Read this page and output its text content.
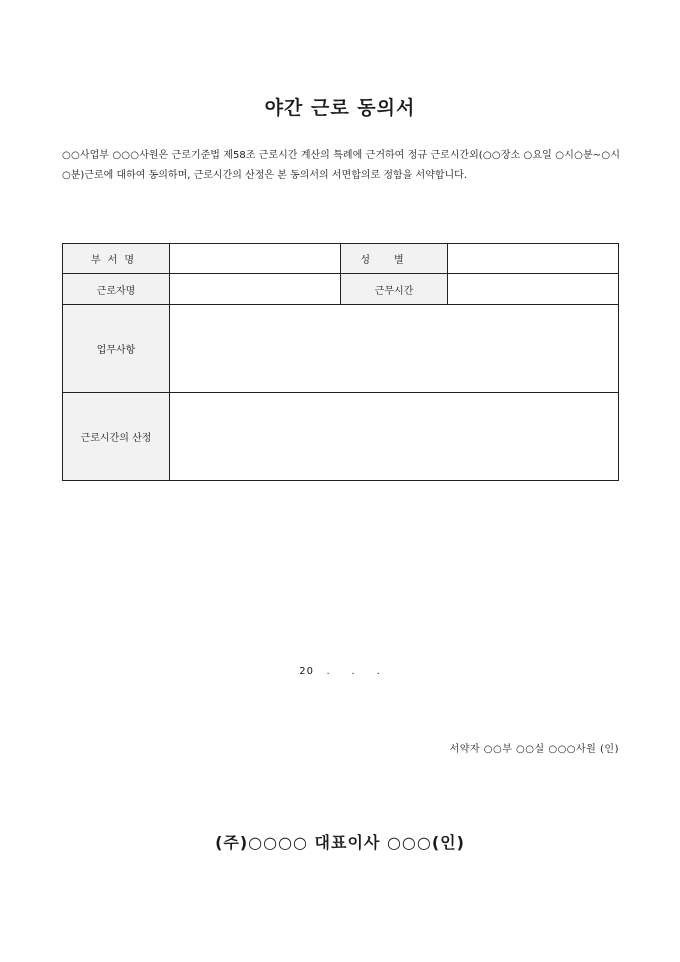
야간 근로 동의서
○○사업부 ○○○사원은 근로기준법 제58조 근로시간 계산의 특례에 근거하여 정규 근로시간외(○○장소 ○요일 ○시○분~○시○분)근로에 대하여 동의하며, 근로시간의 산정은 본 동의서의 서면합의로 정함을 서약합니다.
부서명		성별	
근로자명		근무시간	
업무사항			
근로시간의 산정			
20   .     .     .
서약자 ○○부 ○○실 ○○○사원 (인)
(주)○○○○ 대표이사 ○○○(인)
